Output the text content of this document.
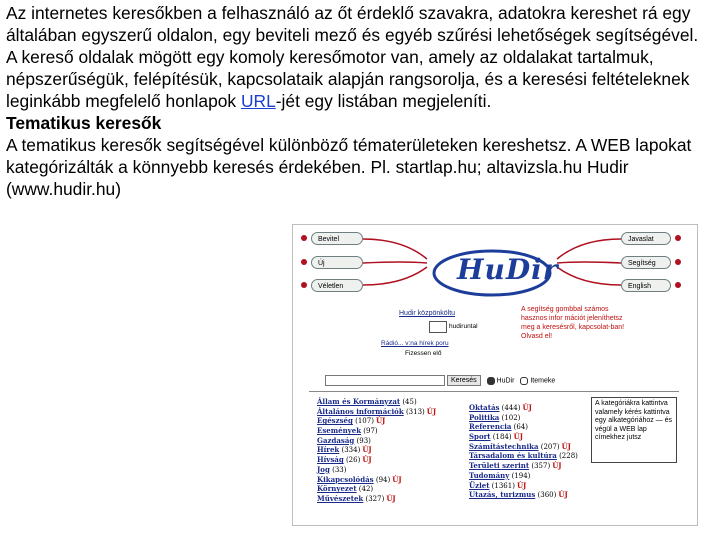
Az internetes keresőkben a felhasználó az őt érdeklő szavakra, adatokra kereshet rá egy általában egyszerű oldalon, egy beviteli mező és egyéb szűrési lehetőségek segítségével.

A kereső oldalak mögött egy komoly keresőmotor van, amely az oldalakat tartalmuk, népszerűségük, felépítésük, kapcsolataik alapján rangsorolja, és a keresési feltételeknek leginkább megfelelő honlapok URL-jét egy listában megjeleníti.

Tematikus keresők

A tematikus keresők segítségével különböző tématerületeken kereshetsz. A WEB lapokat kategórizálták a könnyebb keresés érdekében. Pl. startlap.hu; altavizsla.hu Hudir (www.hudir.hu)

Bevitel
Új
Véletlen
HuDir
Javaslat
Segítség
English
Hudir közpönköltu
hudiruntal
Rádió... v:na hírek poru
Fizessen elő
A segítség gombbal számos hasznos infor mációt jeleníthetsz meg a keresésről, kapcsolat-ban! Olvasd el!
Keresés	HuDir Itemeke
Állam és Kormányzat (45)
Általános információk (313) ÚJ
Egészség (107) ÚJ
Események (97)
Gazdaság (93)
Hírek (334) ÚJ
Hívság (26) ÚJ
Jog (33)
Kikapcsolódás (94) ÚJ
Környezet (42)
Művészetek (327) ÚJ
Oktatás (444) ÚJ
Politika (102)
Referencia (64)
Sport (184) ÚJ
Számítástechnika (207) ÚJ
Társadalom és kultúra (228)
Területi szerint (357) ÚJ
Tudomány (194)
Üzlet (1361) ÚJ
Utazás, turizmus (360) ÚJ
A kategóriákra kattintva valamely kérés kattintva egy alkategóriához — és végül a WEB lap címekhez jutsz
